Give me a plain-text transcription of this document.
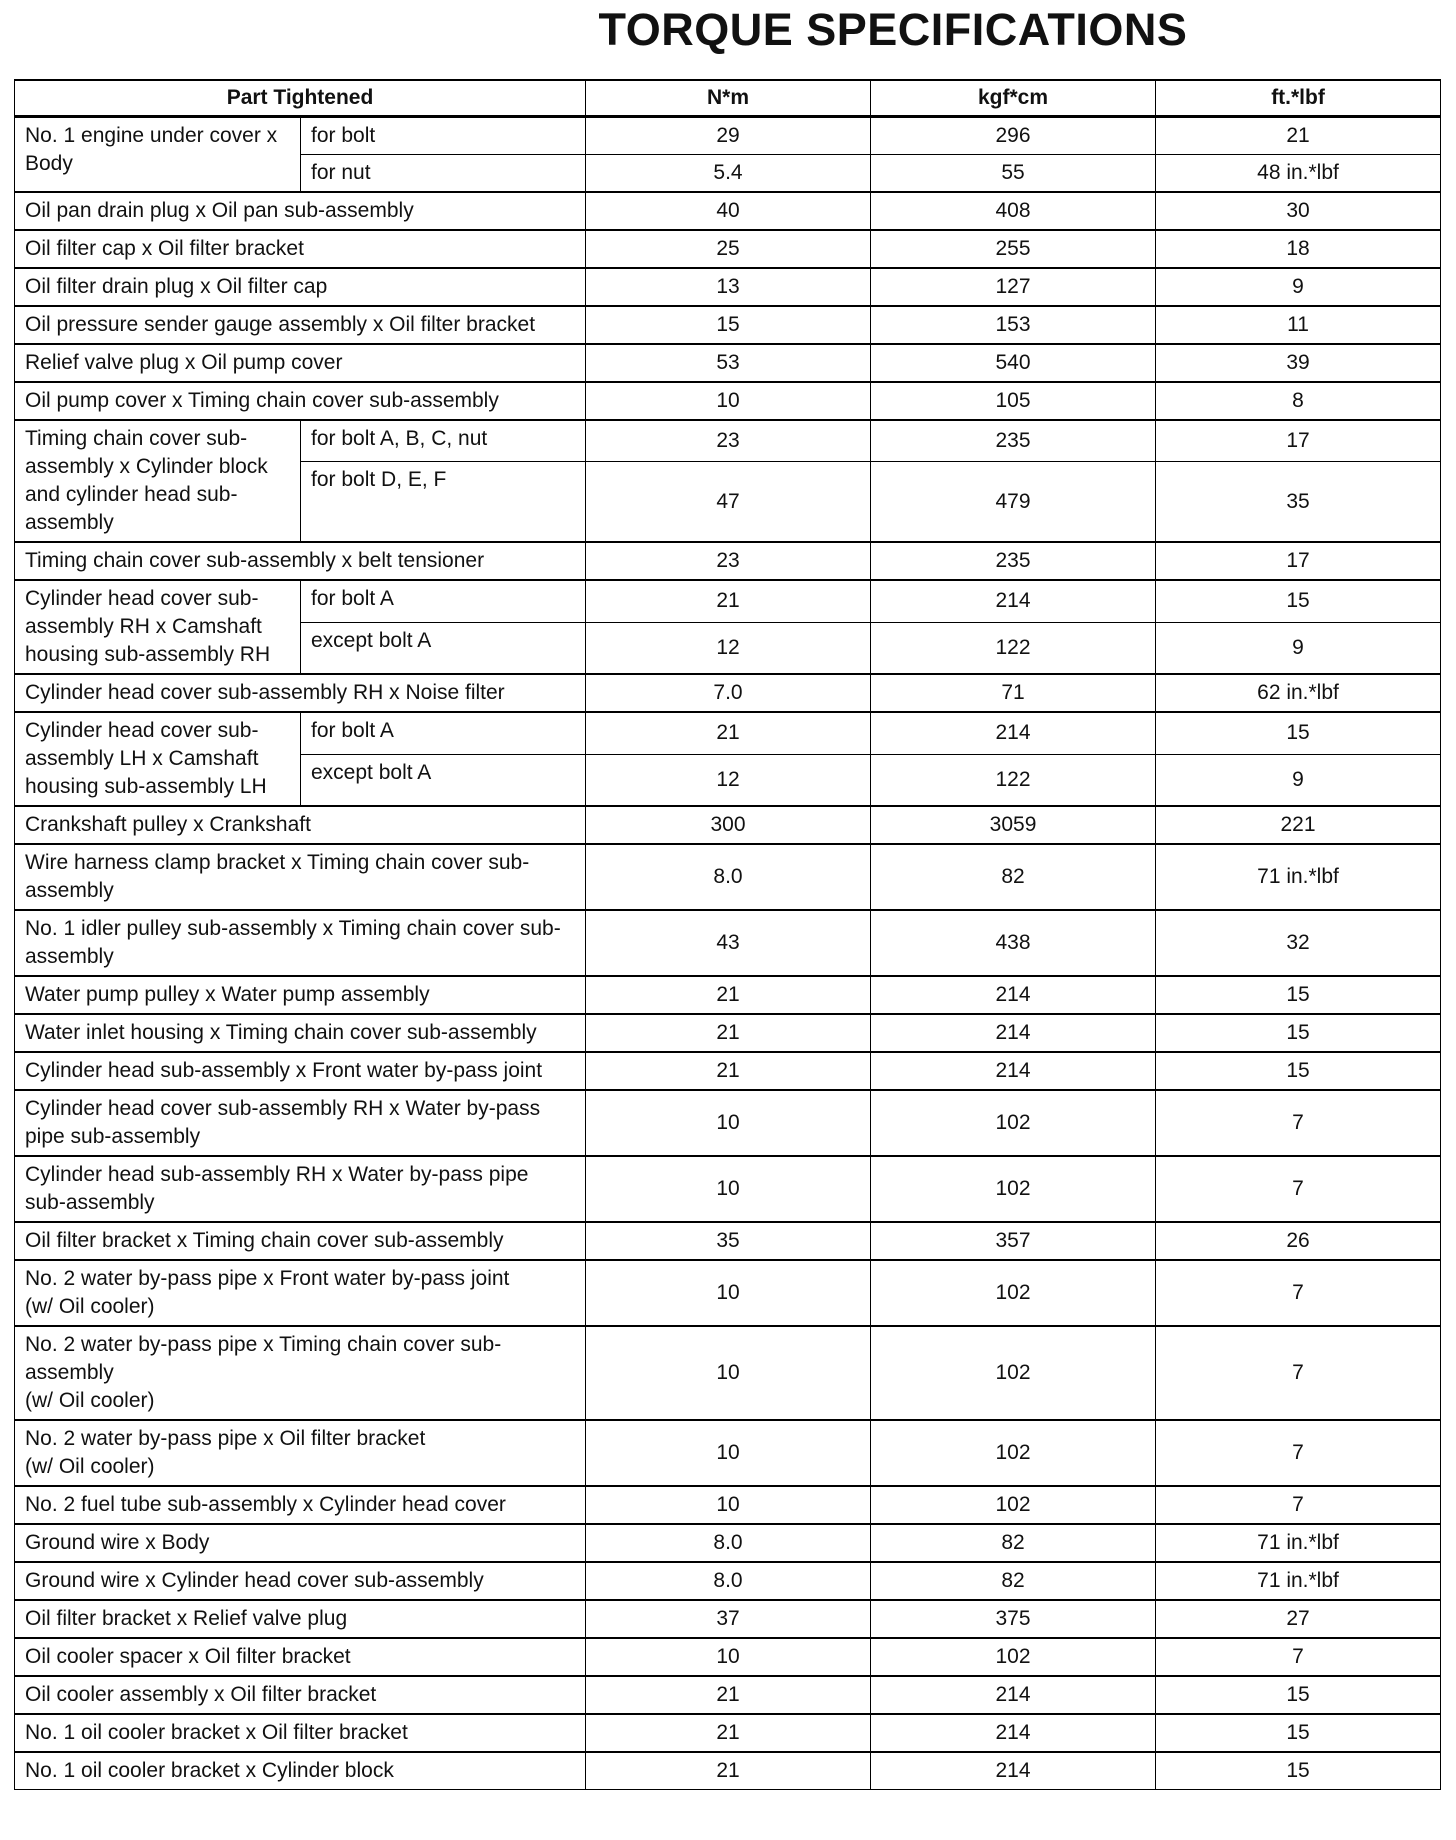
TORQUE SPECIFICATIONS
Part Tightened		N*m	kgf*cm	ft.*lbf
No. 1 engine under cover x Body	for bolt	29	296	21
	for nut	5.4	55	48 in.*lbf
Oil pan drain plug x Oil pan sub-assembly		40	408	30
Oil filter cap x Oil filter bracket		25	255	18
Oil filter drain plug x Oil filter cap		13	127	9
Oil pressure sender gauge assembly x Oil filter bracket		15	153	11
Relief valve plug x Oil pump cover		53	540	39
Oil pump cover x Timing chain cover sub-assembly		10	105	8
Timing chain cover sub-assembly x Cylinder block and cylinder head sub-assembly	for bolt A, B, C, nut	23	235	17
	for bolt D, E, F	47	479	35
Timing chain cover sub-assembly x belt tensioner		23	235	17
Cylinder head cover sub-assembly RH x Camshaft housing sub-assembly RH	for bolt A	21	214	15
	except bolt A	12	122	9
Cylinder head cover sub-assembly RH x Noise filter		7.0	71	62 in.*lbf
Cylinder head cover sub-assembly LH x Camshaft housing sub-assembly LH	for bolt A	21	214	15
	except bolt A	12	122	9
Crankshaft pulley x Crankshaft		300	3059	221
Wire harness clamp bracket x Timing chain cover sub-assembly		8.0	82	71 in.*lbf
No. 1 idler pulley sub-assembly x Timing chain cover sub-assembly		43	438	32
Water pump pulley x Water pump assembly		21	214	15
Water inlet housing x Timing chain cover sub-assembly		21	214	15
Cylinder head sub-assembly x Front water by-pass joint		21	214	15
Cylinder head cover sub-assembly RH x Water by-pass pipe sub-assembly		10	102	7
Cylinder head sub-assembly RH x Water by-pass pipe sub-assembly		10	102	7
Oil filter bracket x Timing chain cover sub-assembly		35	357	26
No. 2 water by-pass pipe x Front water by-pass joint
(w/ Oil cooler)		10	102	7
No. 2 water by-pass pipe x Timing chain cover sub-assembly
(w/ Oil cooler)		10	102	7
No. 2 water by-pass pipe x Oil filter bracket
(w/ Oil cooler)		10	102	7
No. 2 fuel tube sub-assembly x Cylinder head cover		10	102	7
Ground wire x Body		8.0	82	71 in.*lbf
Ground wire x Cylinder head cover sub-assembly		8.0	82	71 in.*lbf
Oil filter bracket x Relief valve plug		37	375	27
Oil cooler spacer x Oil filter bracket		10	102	7
Oil cooler assembly x Oil filter bracket		21	214	15
No. 1 oil cooler bracket x Oil filter bracket		21	214	15
No. 1 oil cooler bracket x Cylinder block		21	214	15
